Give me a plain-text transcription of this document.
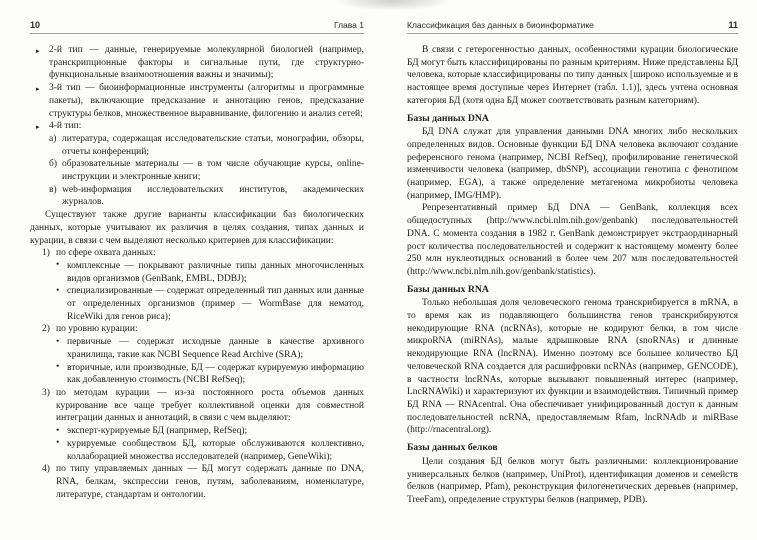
10	Глава 1
▸ 2-й тип — данные, генерируемые молекулярной биологией (например, транскрипционные факторы и сигнальные пути, где структурно-функциональные взаимоотношения важны и значимы);
▸ 3-й тип — биоинформационные инструменты (алгоритмы и программные пакеты), включающие предсказание и аннотацию генов, предсказание структуры белков, множественное выравнивание, филогению и анализ сетей;
▸ 4-й тип:
а) литература, содержащая исследовательские статьи, монографии, обзоры, отчеты конференций;
б) образовательные материалы — в том числе обучающие курсы, online-инструкции и электронные книги;
в) web-информация исследовательских институтов, академических журналов.

Существуют также другие варианты классификации баз биологических данных, которые учитывают их различия в целях создания, типах данных и курации, в связи с чем выделяют несколько критериев для классификации:

1) по сфере охвата данных:
• комплексные — покрывают различные типы данных многочисленных видов организмов (GenBank, EMBL, DDBJ);
• специализированные — содержат определенный тип данных или данные от определенных организмов (пример — WormBase для нематод, RiceWiki для генов риса);
2) по уровню курации:
• первичные — содержат исходные данные в качестве архивного хранилища, такие как NCBI Sequence Read Archive (SRA);
• вторичные, или производные, БД — содержат курируемую информацию как добавленную стоимость (NCBI RefSeq);
3) по методам курации — из-за постоянного роста объемов данных курирование все чаще требует коллективной оценки для совместной интеграции данных и аннотаций, в связи с чем выделяют:
• эксперт-курируемые БД (например, RefSeq);
• курируемые сообществом БД, которые обслуживаются коллективно, коллаборацией множества исследователей (например, GeneWiki);
4) по типу управляемых данных — БД могут содержать данные по DNA, RNA, белкам, экспрессии генов, путям, заболеваниям, номенклатуре, литературе, стандартам и онтологии.
Классификация баз данных в биоинформатике	11

В связи с гетерогенностью данных, особенностями курации биологические БД могут быть классифицированы по разным критериям. Ниже представлены БД человека, которые классифицированы по типу данных [широко используемые и в настоящее время доступные через Интернет (табл. 1.1)], здесь учтена основная категория БД (хотя одна БД может соответствовать разным категориям).

Базы данных DNA

БД DNA служат для управления данными DNA многих либо нескольких определенных видов. Основные функции БД DNA человека включают создание референсного генома (например, NCBI RefSeq), профилирование генетической изменчивости человека (например, dbSNP), ассоциации генотипа с фенотипом (например, EGA), а также определение метагенома микробиоты человека (например, IMG/HMP).

Репрезентативный пример БД DNA — GenBank, коллекция всех общедоступных (http://www.ncbi.nlm.nih.gov/genbank) последовательностей DNA. С момента создания в 1982 г. GenBank демонстрирует экстраординарный рост количества последовательностей и содержит к настоящему моменту более 250 млн нуклеотидных оснований в более чем 207 млн последовательностей (http://www.ncbi.nlm.nih.gov/genbank/statistics).

Базы данных RNA

Только небольшая доля человеческого генома транскрибируется в mRNA, в то время как из подавляющего большинства генов транскрибируются некодирующие RNA (ncRNAs), которые не кодируют белки, в том числе микроRNA (miRNAs), малые ядрышковые RNA (snoRNAs) и длинные некодирующие RNA (lncRNA). Именно поэтому все большее количество БД человеческой RNA создается для расшифровки ncRNAs (например, GENCODE), в частности lncRNAs, которые вызывают повышенный интерес (например, LncRNAWiki) и характеризуют их функции и взаимодействия. Типичный пример БД RNA — RNAcentral. Она обеспечивает унифицированный доступ к данным последовательностей ncRNA, предоставляемым Rfam, lncRNAdb и miRBase (http://rnacentral.org).

Базы данных белков

Цели создания БД белков могут быть различными: коллекционирование универсальных белков (например, UniProt), идентификация доменов и семейств белков (например, Pfam), реконструкция филогенетических деревьев (например, TreeFam), определение структуры белков (например, PDB).
